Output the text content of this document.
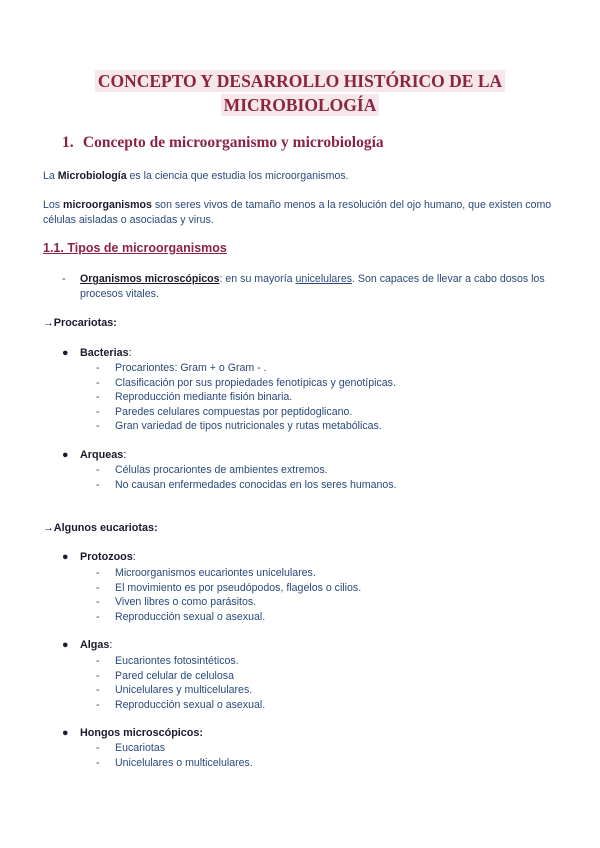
CONCEPTO Y DESARROLLO HISTÓRICO DE LA
MICROBIOLOGÍA
1. Concepto de microorganismo y microbiología
La Microbiología es la ciencia que estudia los microorganismos.
Los microorganismos son seres vivos de tamaño menos a la resolución del ojo humano, que existen como células aisladas o asociadas y virus.
1.1. Tipos de microorganismos
- Organismos microscópicos: en su mayoría unicelulares. Son capaces de llevar a cabo dosos los procesos vitales.
→Procariotas:
● Bacterias:
- Procariontes: Gram + o Gram - .
- Clasificación por sus propiedades fenotípicas y genotípicas.
- Reproducción mediante fisión binaria.
- Paredes celulares compuestas por peptidoglicano.
- Gran variedad de tipos nutricionales y rutas metabólicas.
● Arqueas:
- Células procariontes de ambientes extremos.
- No causan enfermedades conocidas en los seres humanos.
→Algunos eucariotas:
● Protozoos:
- Microorganismos eucariontes unicelulares.
- El movimiento es por pseudópodos, flagelos o cilios.
- Viven libres o como parásitos.
- Reproducción sexual o asexual.
● Algas:
- Eucariontes fotosintéticos.
- Pared celular de celulosa
- Unicelulares y multicelulares.
- Reproducción sexual o asexual.
● Hongos microscópicos:
- Eucariotas
- Unicelulares o multicelulares.
